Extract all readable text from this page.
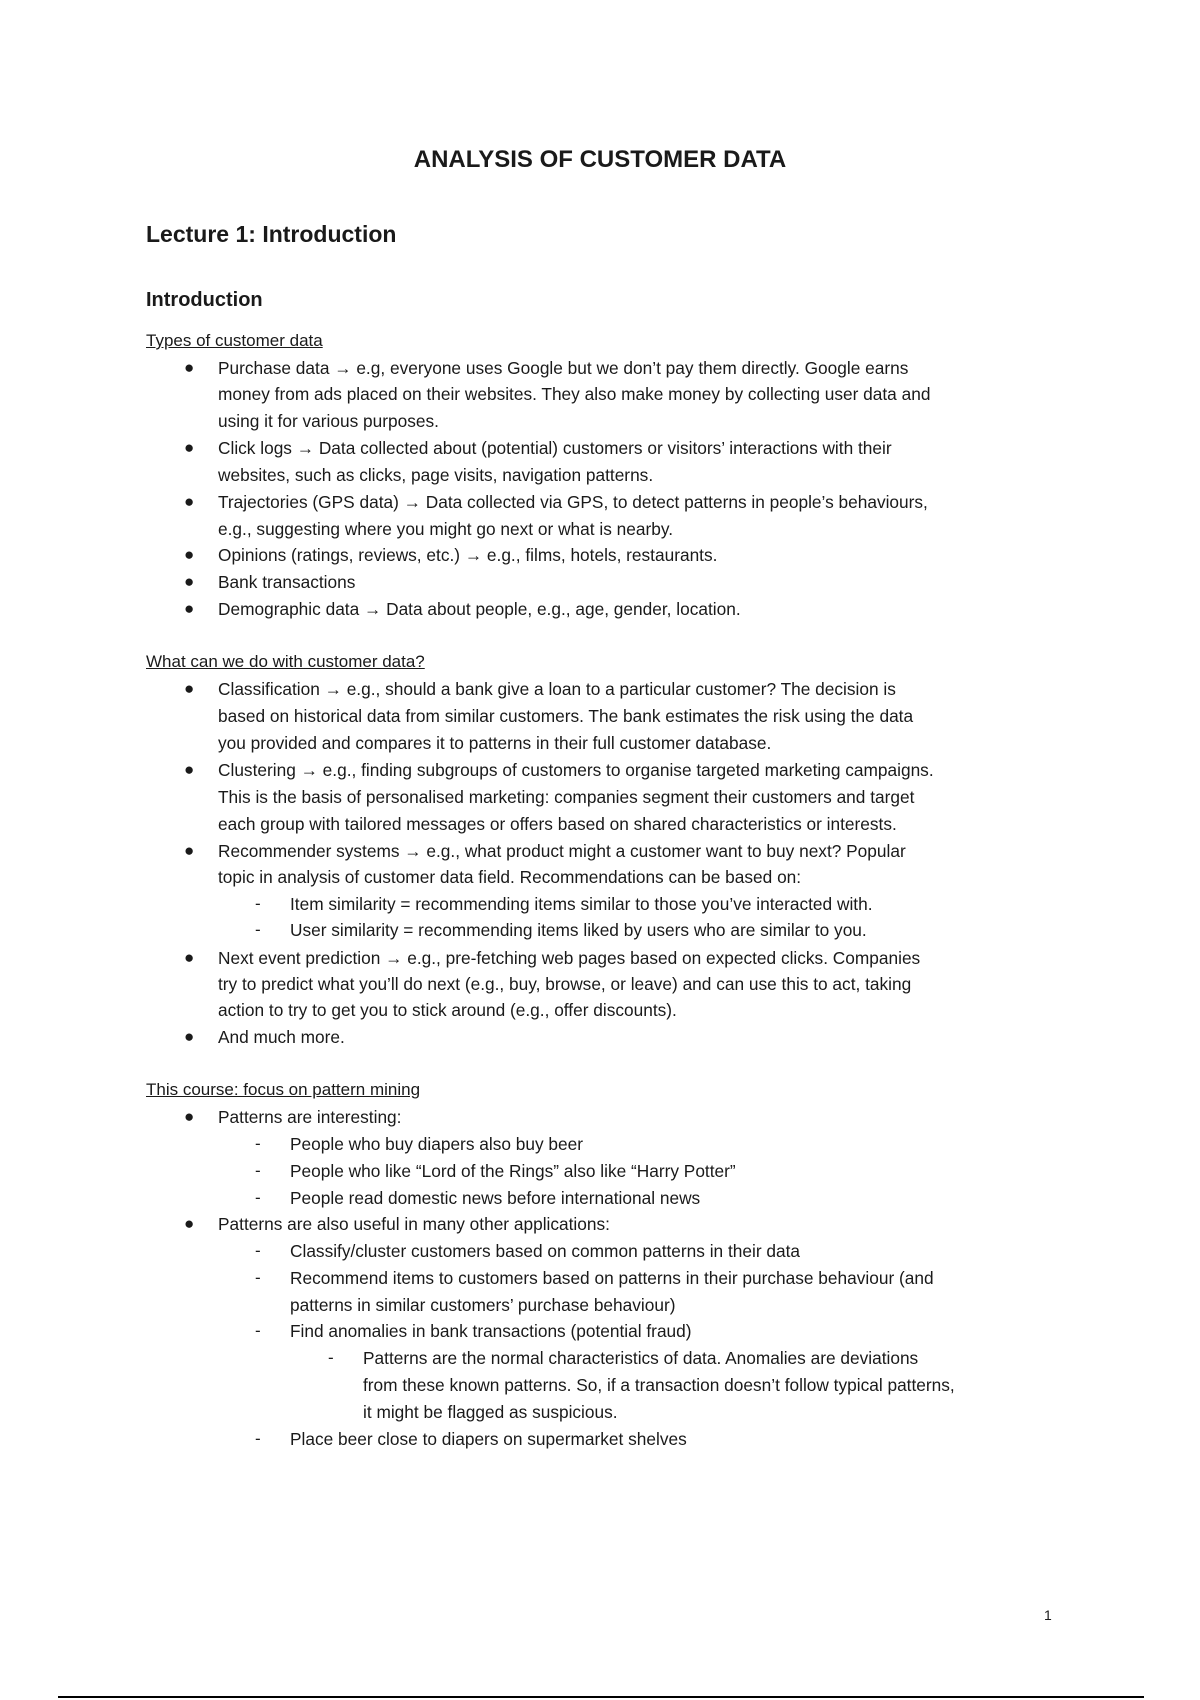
ANALYSIS OF CUSTOMER DATA
Lecture 1: Introduction
Introduction

Types of customer data

● Purchase data → e.g, everyone uses Google but we don’t pay them directly. Google earns

money from ads placed on their websites. They also make money by collecting user data and

using it for various purposes.

● Click logs → Data collected about (potential) customers or visitors’ interactions with their

websites, such as clicks, page visits, navigation patterns.

● Trajectories (GPS data) → Data collected via GPS, to detect patterns in people’s behaviours,

e.g., suggesting where you might go next or what is nearby.

● Opinions (ratings, reviews, etc.) → e.g., films, hotels, restaurants.

● Bank transactions

● Demographic data → Data about people, e.g., age, gender, location.

What can we do with customer data?

● Classification → e.g., should a bank give a loan to a particular customer? The decision is

based on historical data from similar customers. The bank estimates the risk using the data

you provided and compares it to patterns in their full customer database.

● Clustering → e.g., finding subgroups of customers to organise targeted marketing campaigns.

This is the basis of personalised marketing: companies segment their customers and target

each group with tailored messages or offers based on shared characteristics or interests.

● Recommender systems → e.g., what product might a customer want to buy next? Popular

topic in analysis of customer data field. Recommendations can be based on:

- Item similarity = recommending items similar to those you’ve interacted with.

- User similarity = recommending items liked by users who are similar to you.

● Next event prediction → e.g., pre-fetching web pages based on expected clicks. Companies

try to predict what you’ll do next (e.g., buy, browse, or leave) and can use this to act, taking

action to try to get you to stick around (e.g., offer discounts).

● And much more.

This course: focus on pattern mining

● Patterns are interesting:

- People who buy diapers also buy beer

- People who like “Lord of the Rings” also like “Harry Potter”

- People read domestic news before international news

● Patterns are also useful in many other applications:

- Classify/cluster customers based on common patterns in their data

- Recommend items to customers based on patterns in their purchase behaviour (and

patterns in similar customers’ purchase behaviour)

- Find anomalies in bank transactions (potential fraud)

- Patterns are the normal characteristics of data. Anomalies are deviations

from these known patterns. So, if a transaction doesn’t follow typical patterns,

it might be flagged as suspicious.

- Place beer close to diapers on supermarket shelves

1
